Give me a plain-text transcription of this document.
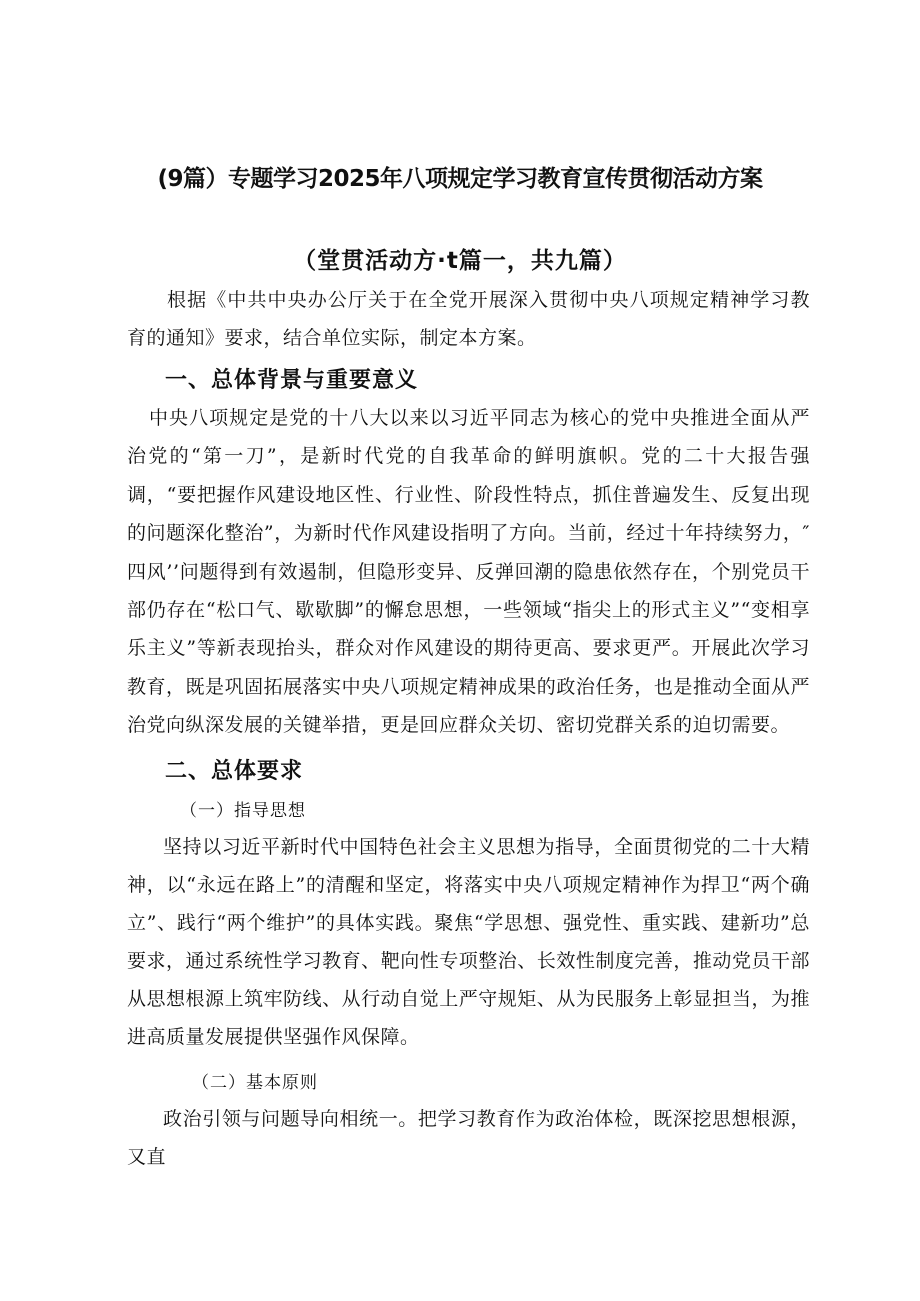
(9篇）专题学习2025年八项规定学习教育宣传贯彻活动方案
（堂贯活动方·t篇一，共九篇）
根据《中共中央办公厅关于在全党开展深入贯彻中央八项规定精神学习教育的通知》要求，结合单位实际，制定本方案。
一、总体背景与重要意义
中央八项规定是党的十八大以来以习近平同志为核心的党中央推进全面从严治党的“第一刀”，是新时代党的自我革命的鲜明旗帜。党的二十大报告强调，“要把握作风建设地区性、行业性、阶段性特点，抓住普遍发生、反复出现的问题深化整治”，为新时代作风建设指明了方向。当前，经过十年持续努力，″四风’’问题得到有效遏制，但隐形变异、反弹回潮的隐患依然存在，个别党员干部仍存在“松口气、歇歇脚”的懈怠思想，一些领域“指尖上的形式主义”“变相享乐主义”等新表现抬头，群众对作风建设的期待更高、要求更严。开展此次学习教育，既是巩固拓展落实中央八项规定精神成果的政治任务，也是推动全面从严治党向纵深发展的关键举措，更是回应群众关切、密切党群关系的迫切需要。
二、总体要求
（一）指导思想
坚持以习近平新时代中国特色社会主义思想为指导，全面贯彻党的二十大精神，以“永远在路上”的清醒和坚定，将落实中央八项规定精神作为捍卫“两个确立”、践行“两个维护”的具体实践。聚焦“学思想、强党性、重实践、建新功”总要求，通过系统性学习教育、靶向性专项整治、长效性制度完善，推动党员干部从思想根源上筑牢防线、从行动自觉上严守规矩、从为民服务上彰显担当，为推进高质量发展提供坚强作风保障。
（二）基本原则
政治引领与问题导向相统一。把学习教育作为政治体检，既深挖思想根源，又直
